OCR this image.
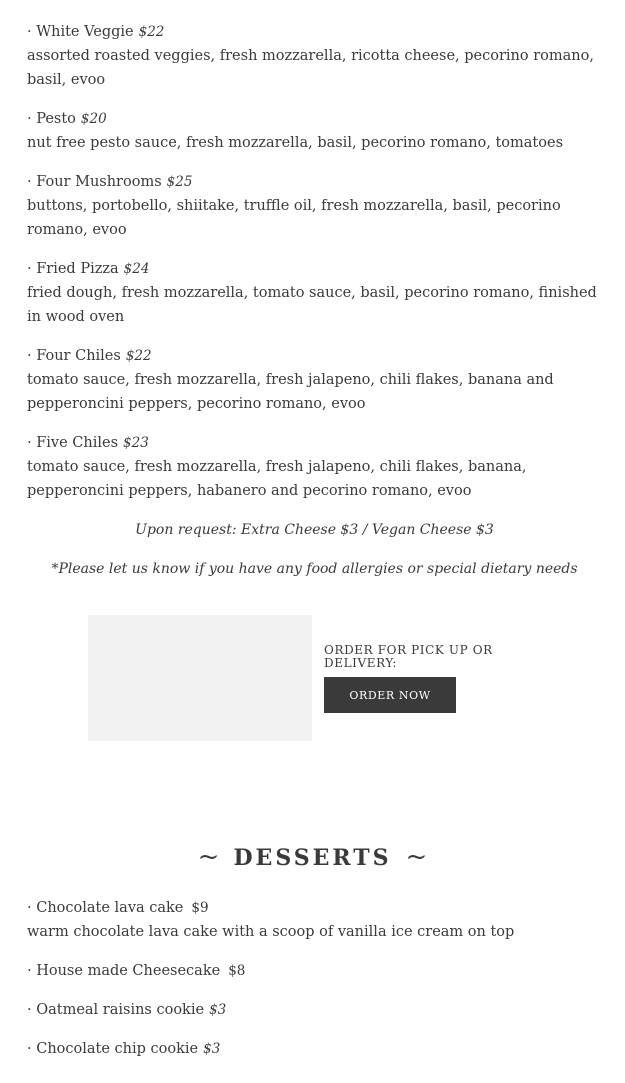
· White Veggie $22
assorted roasted veggies, fresh mozzarella, ricotta cheese, pecorino romano, basil, evoo
· Pesto $20
nut free pesto sauce, fresh mozzarella, basil, pecorino romano, tomatoes
· Four Mushrooms $25
buttons, portobello, shiitake, truffle oil, fresh mozzarella, basil, pecorino romano, evoo
· Fried Pizza $24
fried dough, fresh mozzarella, tomato sauce, basil, pecorino romano, finished in wood oven
· Four Chiles $22
tomato sauce, fresh mozzarella, fresh jalapeno, chili flakes, banana and pepperoncini peppers, pecorino romano, evoo
· Five Chiles $23
tomato sauce, fresh mozzarella, fresh jalapeno, chili flakes, banana, pepperoncini peppers, habanero and pecorino romano, evoo
Upon request: Extra Cheese $3 / Vegan Cheese $3
*Please let us know if you have any food allergies or special dietary needs
ORDER FOR PICK UP OR DELIVERY:
ORDER NOW
~ DESSERTS ~
· Chocolate lava cake $9
warm chocolate lava cake with a scoop of vanilla ice cream on top
· House made Cheesecake $8
· Oatmeal raisins cookie $3
· Chocolate chip cookie $3
